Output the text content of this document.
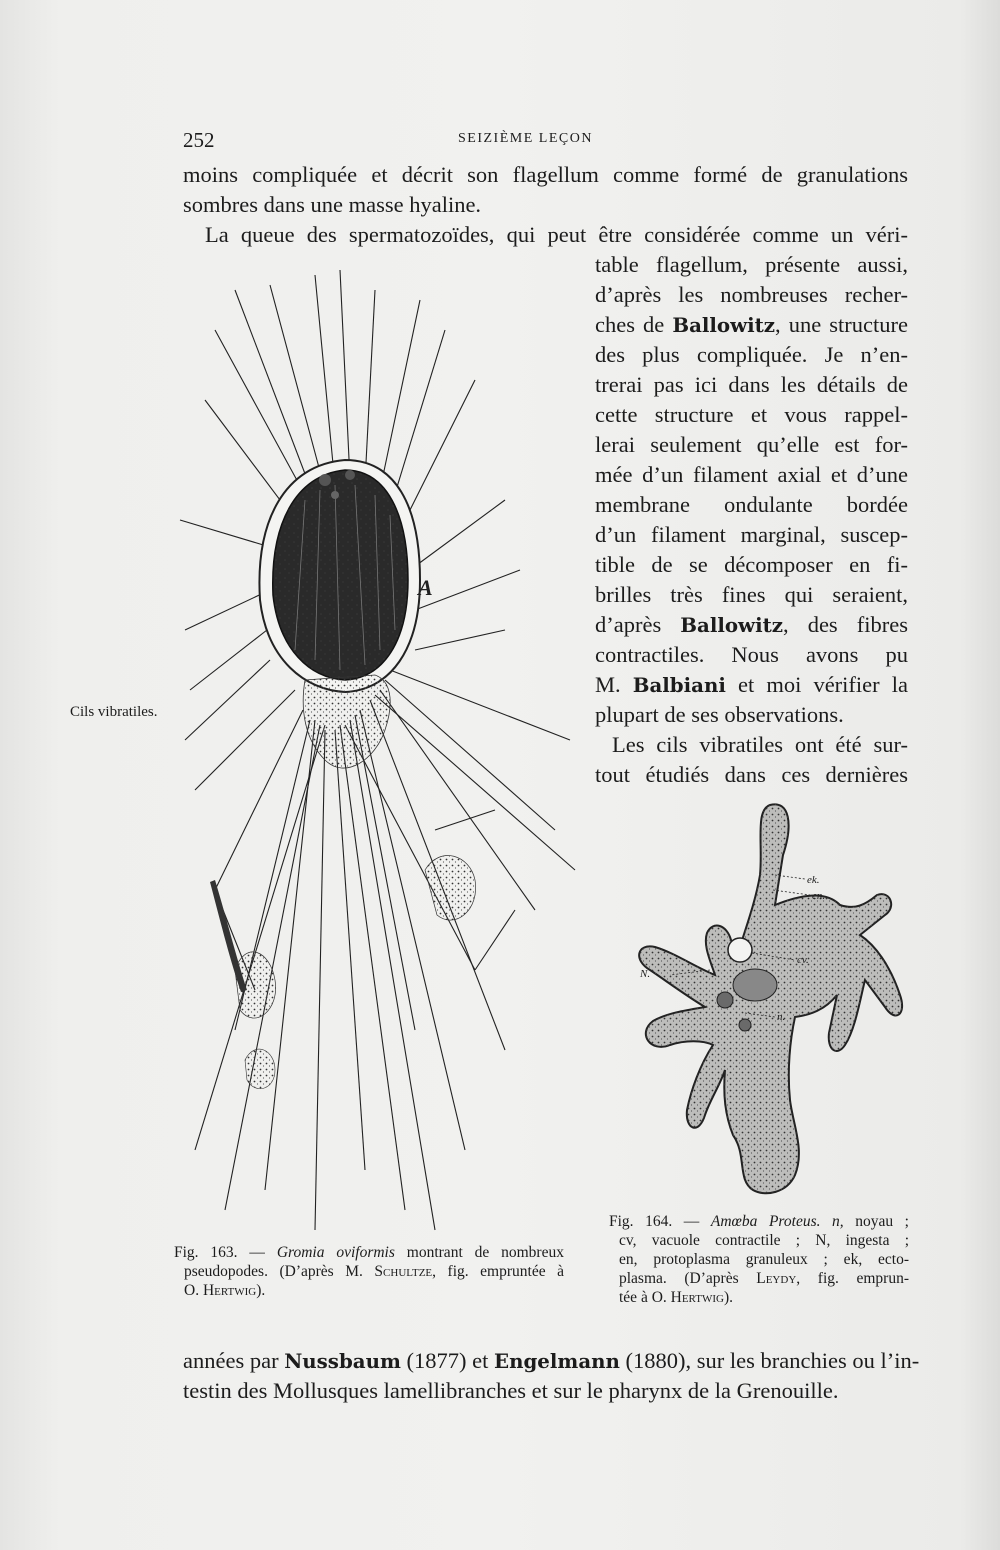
252	SEIZIÈME LEÇON
moins compliquée et décrit son flagellum comme formé de granulations
sombres dans une masse hyaline.
La queue des spermatozoïdes, qui peut être considérée comme un véri-
table flagellum, présente aussi,
d’après les nombreuses recher-
ches de Ballowitz, une structure
des plus compliquée. Je n’en-
trerai pas ici dans les détails de
cette structure et vous rappel-
lerai seulement qu’elle est for-
mée d’un filament axial et d’une
membrane ondulante bordée
d’un filament marginal, suscep-
tible de se décomposer en fi-
brilles très fines qui seraient,
d’après Ballowitz, des fibres
contractiles. Nous avons pu
M. Balbiani et moi vérifier la
plupart de ses observations.
Les cils vibratiles ont été sur-
tout étudiés dans ces dernières
Cils vibratiles.
A
Fig. 163. — Gromia oviformis montrant de nombreux
pseudopodes. (D’après M. Schultze, fig. empruntée à
O. Hertwig).
ek.
en.
cv.
N.
n.
Fig. 164. — Amœba Proteus. n, noyau ;
cv, vacuole contractile ; N, ingesta ;
en, protoplasma granuleux ; ek, ecto-
plasma. (D’après Leydy, fig. emprun-
tée à O. Hertwig).
années par Nussbaum (1877) et Engelmann (1880), sur les branchies ou l’in-
testin des Mollusques lamellibranches et sur le pharynx de la Grenouille.
